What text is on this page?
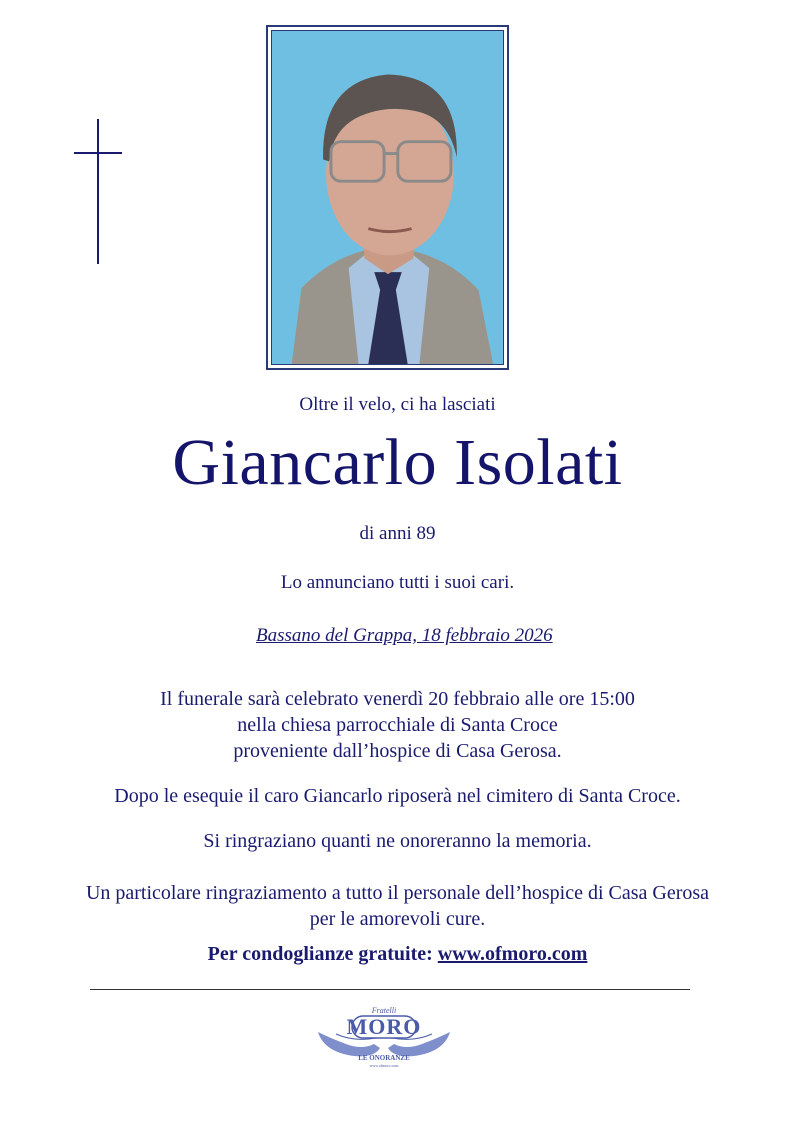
Oltre il velo, ci ha lasciati
Giancarlo Isolati
di anni 89
Lo annunciano tutti i suoi cari.
Bassano del Grappa, 18 febbraio 2026
Il funerale sarà celebrato venerdì 20 febbraio alle ore 15:00
nella chiesa parrocchiale di Santa Croce
proveniente dall’hospice di Casa Gerosa.
Dopo le esequie il caro Giancarlo riposerà nel cimitero di Santa Croce.
Si ringraziano quanti ne onoreranno la memoria.
Un particolare ringraziamento a tutto il personale dell’hospice di Casa Gerosa
per le amorevoli cure.
Per condoglianze gratuite: www.ofmoro.com
Fratelli
MORO
LE ONORANZE
www.ofmoro.com
